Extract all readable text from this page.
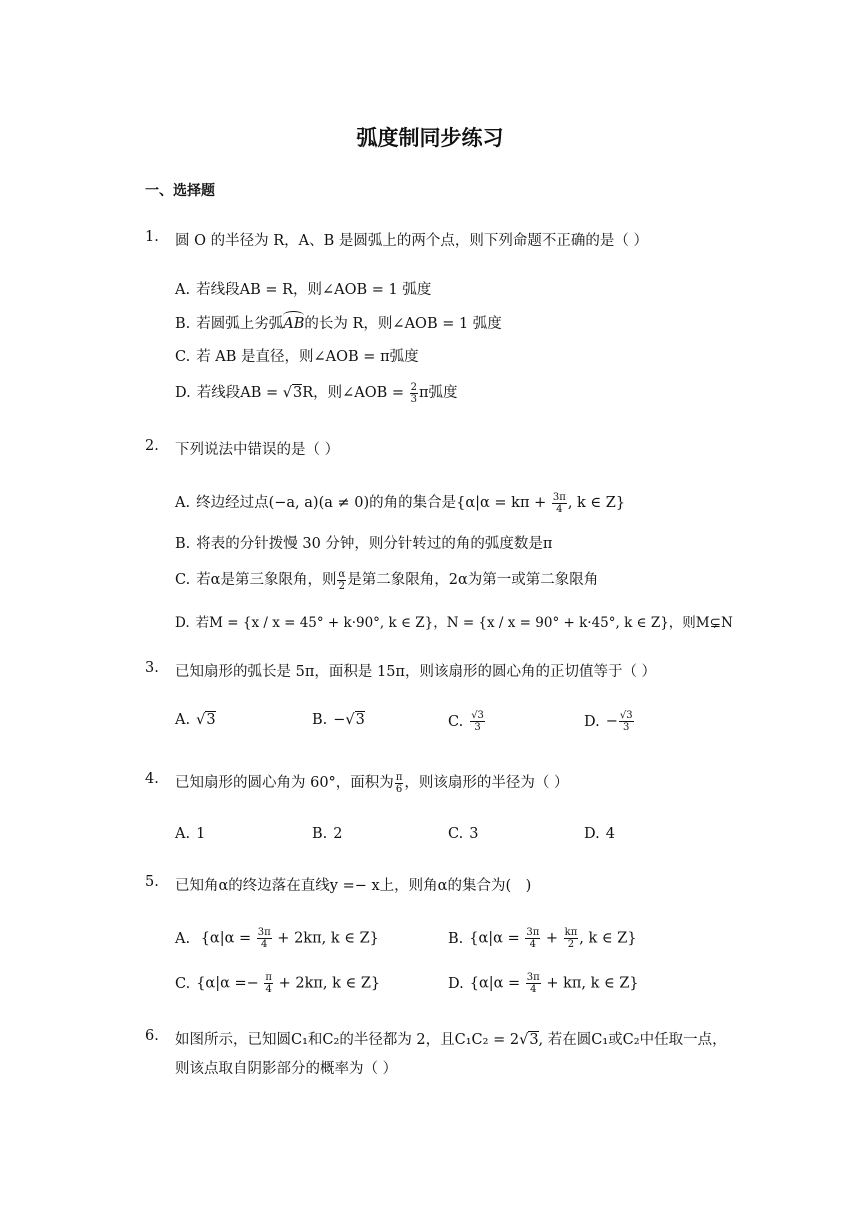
弧度制同步练习
一、选择题
1. 圆 O 的半径为 R，A、B 是圆弧上的两个点，则下列命题不正确的是（ ）
A. 若线段AB = R，则∠AOB = 1 弧度
B. 若圆弧上劣弧AB的长为 R，则∠AOB = 1 弧度
C. 若 AB 是直径，则∠AOB = π弧度
D. 若线段AB = √3R，则∠AOB = $\frac{2}{3}$ π弧度
2. 下列说法中错误的是（ ）
A. 终边经过点(−a, a)(a ≠ 0)的角的集合是{$\alpha|\alpha = k\pi + \frac{3\pi}{4}$ , k ∈ Z}
B. 将表的分针拨慢 30 分钟，则分针转过的角的弧度数是π
C. 若α是第三象限角，则 $\frac{\alpha}{2}$ 是第二象限角，2α为第一或第二象限角
D. 若M = {x / x = 45° + k·90°, k ∈ Z}，N = {x / x = 90° + k·45°, k ∈ Z}，则M⊊N
3. 已知扇形的弧长是 5π，面积是 15π，则该扇形的圆心角的正切值等于（ ）
A. √3	B. −√3	C. $\frac{√3}{3}$	D. − $\frac{√3}{3}$
4. 已知扇形的圆心角为 60°，面积为 $\frac{\pi}{6}$ ，则该扇形的半径为（ ）
A. 1	B. 2	C. 3	D. 4
5. 已知角α的终边落在直线y =− x上，则角α的集合为(　)
A. {$\alpha|\alpha = \frac{3\pi}{4} + 2k\pi$, k ∈ Z}	B. {$\alpha|\alpha = \frac{3\pi}{4} + \frac{k\pi}{2}$ , k ∈ Z}
C. {$\alpha|\alpha =- \frac{\pi}{4} + 2k\pi$, k ∈ Z}	D. {$\alpha|\alpha = \frac{3\pi}{4} + k\pi$, k ∈ Z}
6. 如图所示，已知圆C₁和C₂的半径都为 2，且C₁C₂ = 2√3, 若在圆C₁或C₂中任取一点，
则该点取自阴影部分的概率为（ ）
